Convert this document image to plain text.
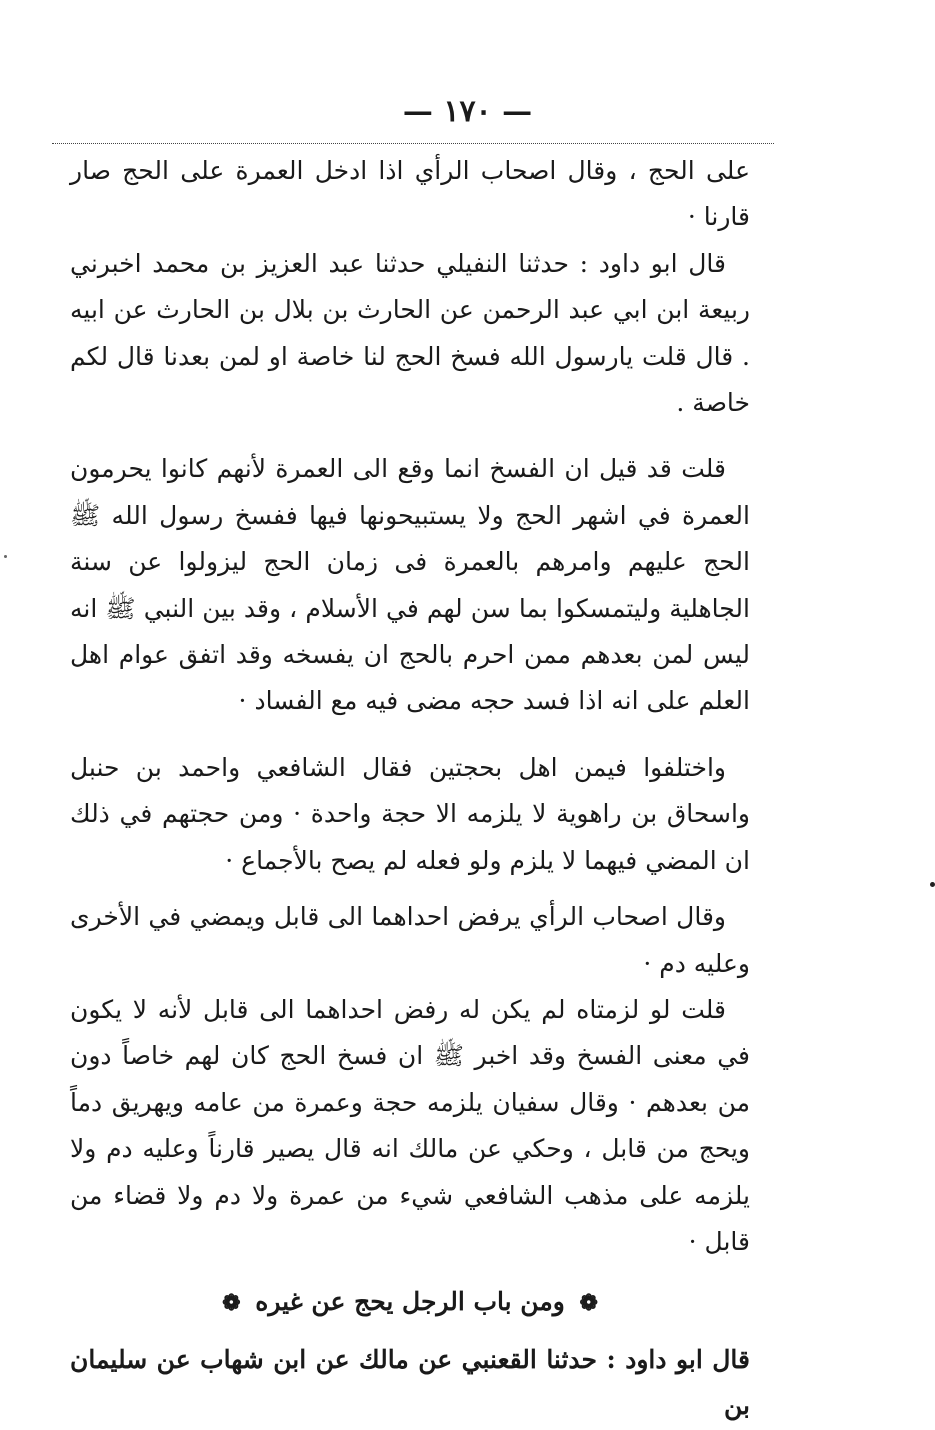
— ١٧٠ —

على الحج ، وقال اصحاب الرأي اذا ادخل العمرة على الحج صار قارنا ·

قال ابو داود : حدثنا النفيلي حدثنا عبد العزيز بن محمد اخبرني ربيعة ابن ابي عبد الرحمن عن الحارث بن بلال بن الحارث عن ابيه . قال قلت يارسول الله فسخ الحج لنا خاصة او لمن بعدنا قال لكم خاصة .

قلت قد قيل ان الفسخ انما وقع الى العمرة لأنهم كانوا يحرمون العمرة في اشهر الحج ولا يستبيحونها فيها ففسخ رسول الله ﷺ الحج عليهم وامرهم بالعمرة فى زمان الحج ليزولوا عن سنة الجاهلية وليتمسكوا بما سن لهم في الأسلام ، وقد بين النبي ﷺ انه ليس لمن بعدهم ممن احرم بالحج ان يفسخه وقد اتفق عوام اهل العلم على انه اذا فسد حجه مضى فيه مع الفساد ·

واختلفوا فيمن اهل بحجتين فقال الشافعي واحمد بن حنبل واسحاق بن راهوية لا يلزمه الا حجة واحدة · ومن حجتهم في ذلك ان المضي فيهما لا يلزم ولو فعله لم يصح بالأجماع ·

وقال اصحاب الرأي يرفض احداهما الى قابل ويمضي في الأخرى وعليه دم ·

قلت لو لزمتاه لم يكن له رفض احداهما الى قابل لأنه لا يكون في معنى الفسخ وقد اخبر ﷺ ان فسخ الحج كان لهم خاصاً دون من بعدهم · وقال سفيان يلزمه حجة وعمرة من عامه ويهريق دماً ويحج من قابل ، وحكي عن مالك انه قال يصير قارناً وعليه دم ولا يلزمه على مذهب الشافعي شيء من عمرة ولا دم ولا قضاء من قابل ·

❁ ومن باب الرجل يحج عن غيره ❁

قال ابو داود : حدثنا القعنبي عن مالك عن ابن شهاب عن سليمان بن
